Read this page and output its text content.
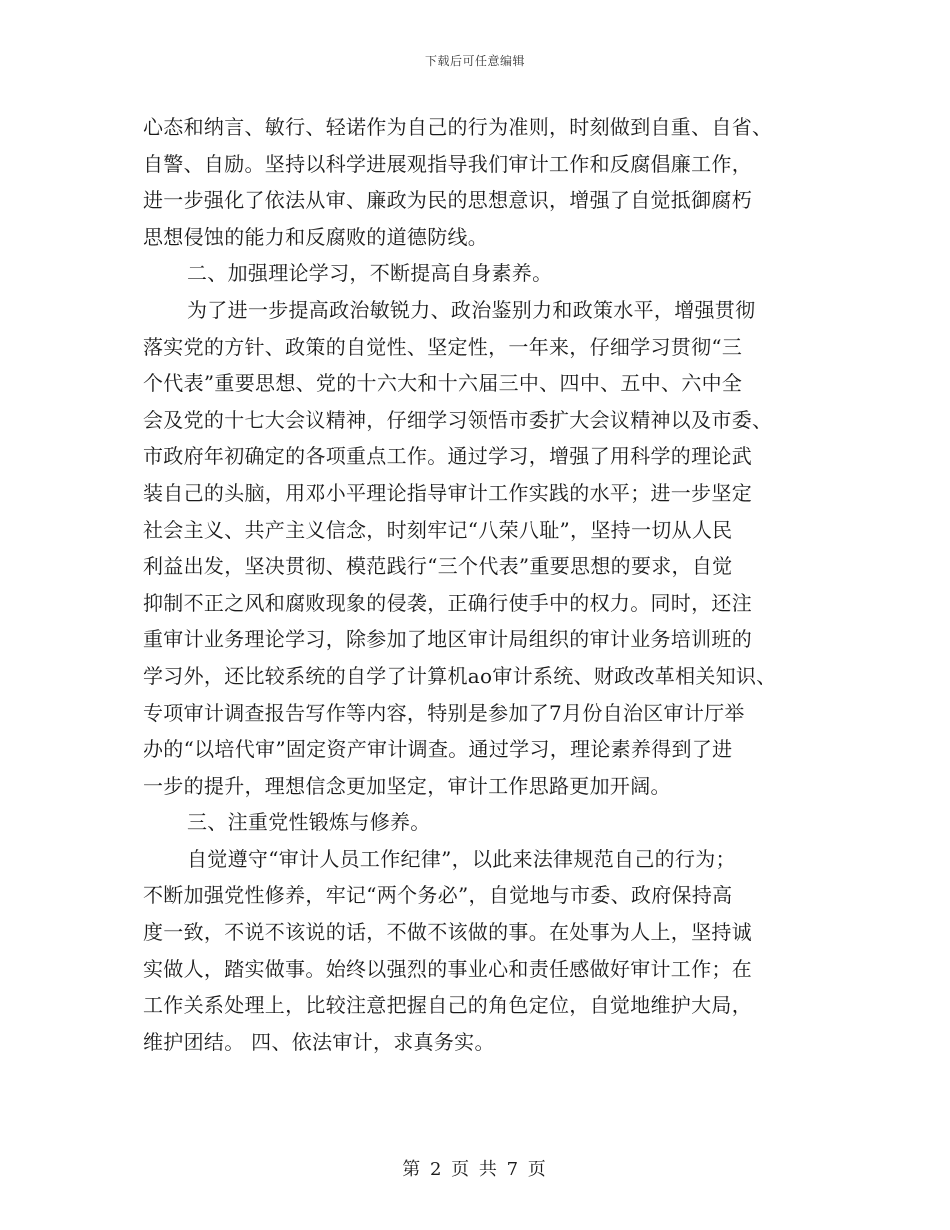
下载后可任意编辑
心态和纳言、敏行、轻诺作为自己的行为准则，时刻做到自重、自省、
自警、自励。坚持以科学进展观指导我们审计工作和反腐倡廉工作，
进一步强化了依法从审、廉政为民的思想意识，增强了自觉抵御腐朽
思想侵蚀的能力和反腐败的道德防线。
二、加强理论学习，不断提高自身素养。
为了进一步提高政治敏锐力、政治鉴别力和政策水平，增强贯彻
落实党的方针、政策的自觉性、坚定性，一年来，仔细学习贯彻“三
个代表”重要思想、党的十六大和十六届三中、四中、五中、六中全
会及党的十七大会议精神，仔细学习领悟市委扩大会议精神以及市委、
市政府年初确定的各项重点工作。通过学习，增强了用科学的理论武
装自己的头脑，用邓小平理论指导审计工作实践的水平；进一步坚定
社会主义、共产主义信念，时刻牢记“八荣八耻”，坚持一切从人民
利益出发，坚决贯彻、模范践行“三个代表”重要思想的要求，自觉
抑制不正之风和腐败现象的侵袭，正确行使手中的权力。同时，还注
重审计业务理论学习，除参加了地区审计局组织的审计业务培训班的
学习外，还比较系统的自学了计算机ao审计系统、财政改革相关知识、
专项审计调查报告写作等内容，特别是参加了7月份自治区审计厅举
办的“以培代审”固定资产审计调查。通过学习，理论素养得到了进
一步的提升，理想信念更加坚定，审计工作思路更加开阔。
三、注重党性锻炼与修养。
自觉遵守“审计人员工作纪律”，以此来法律规范自己的行为；
不断加强党性修养，牢记“两个务必”，自觉地与市委、政府保持高
度一致，不说不该说的话，不做不该做的事。在处事为人上，坚持诚
实做人，踏实做事。始终以强烈的事业心和责任感做好审计工作；在
工作关系处理上，比较注意把握自己的角色定位，自觉地维护大局，
维护团结。 四、依法审计，求真务实。
第 2 页 共 7 页
